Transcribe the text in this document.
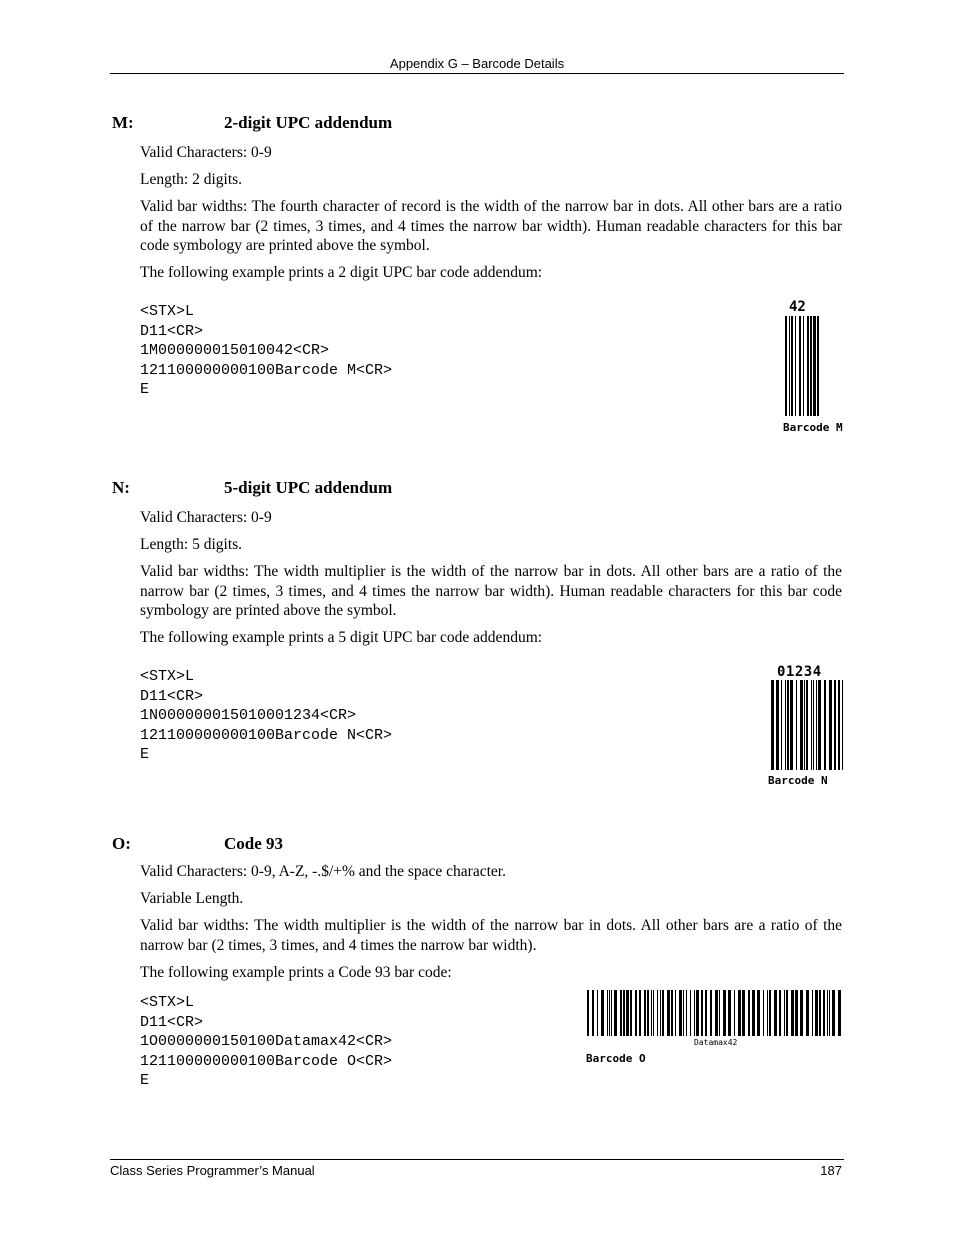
Appendix G – Barcode Details
M:	2-digit UPC addendum
Valid Characters: 0-9
Length: 2 digits.
Valid bar widths: The fourth character of record is the width of the narrow bar in dots. All other bars are a ratio of the narrow bar (2 times, 3 times, and 4 times the narrow bar width). Human readable characters for this bar code symbology are printed above the symbol.
The following example prints a 2 digit UPC bar code addendum:
<STX>L
D11<CR>
1M000000015010042<CR>
121100000000100Barcode M<CR>
E
42
Barcode M
N:	5-digit UPC addendum
Valid Characters: 0-9
Length: 5 digits.
Valid bar widths: The width multiplier is the width of the narrow bar in dots. All other bars are a ratio of the narrow bar (2 times, 3 times, and 4 times the narrow bar width). Human readable characters for this bar code symbology are printed above the symbol.
The following example prints a 5 digit UPC bar code addendum:
<STX>L
D11<CR>
1N000000015010001234<CR>
121100000000100Barcode N<CR>
E
01234
Barcode N
O:	Code 93
Valid Characters: 0-9, A-Z, -.$/+% and the space character.
Variable Length.
Valid bar widths: The width multiplier is the width of the narrow bar in dots. All other bars are a ratio of the narrow bar (2 times, 3 times, and 4 times the narrow bar width).
The following example prints a Code 93 bar code:
<STX>L
D11<CR>
1O0000000150100Datamax42<CR>
121100000000100Barcode O<CR>
E
Datamax42
Barcode O
Class Series Programmer’s Manual	187
